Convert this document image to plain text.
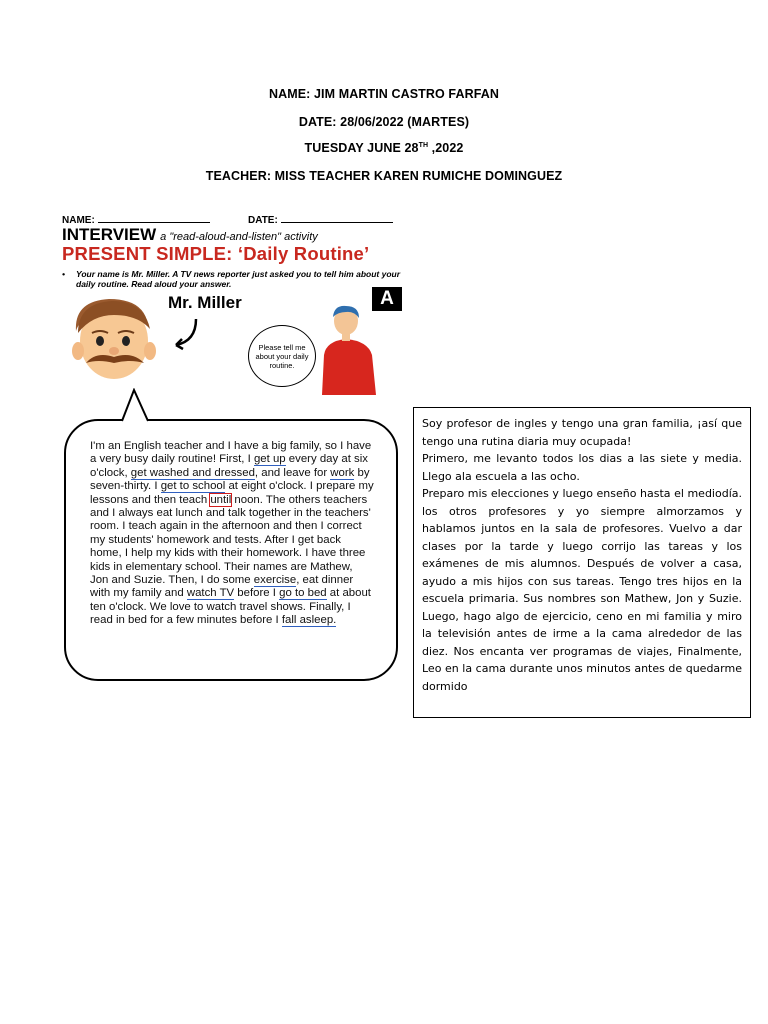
NAME: JIM MARTIN CASTRO FARFAN
DATE: 28/06/2022 (MARTES)
TUESDAY JUNE 28TH ,2022
TEACHER: MISS TEACHER KAREN RUMICHE DOMINGUEZ
NAME:	DATE:
INTERVIEW a "read-aloud-and-listen" activity
PRESENT SIMPLE: ‘Daily Routine’
• Your name is Mr. Miller. A TV news reporter just asked you to tell him about your daily routine. Read aloud your answer.
Mr. Miller	A
Please tell me about your daily routine.
I'm an English teacher and I have a big family, so I have a very busy daily routine! First, I get up every day at six o'clock, get washed and dressed, and leave for work by seven-thirty. I get to school at eight o'clock. I prepare my lessons and then teach until noon. The others teachers and I always eat lunch and talk together in the teachers' room. I teach again in the afternoon and then I correct my students' homework and tests. After I get back home, I help my kids with their homework. I have three kids in elementary school. Their names are Mathew, Jon and Suzie. Then, I do some exercise, eat dinner with my family and watch TV before I go to bed at about ten o'clock. We love to watch travel shows. Finally, I read in bed for a few minutes before I fall asleep.

Soy profesor de ingles y tengo una gran familia, ¡así que tengo una rutina diaria muy ocupada!

Primero, me levanto todos los dias a las siete y media. Llego ala escuela a las ocho.

Preparo mis elecciones y luego enseño hasta el mediodía. los otros profesores y yo siempre almorzamos y hablamos juntos en la sala de profesores. Vuelvo a dar clases por la tarde y luego corrijo las tareas y los exámenes de mis alumnos. Después de volver a casa, ayudo a mis hijos con sus tareas. Tengo tres hijos en la escuela primaria. Sus nombres son Mathew, Jon y Suzie. Luego, hago algo de ejercicio, ceno en mi familia y miro la televisión antes de irme a la cama alrededor de las diez. Nos encanta ver programas de viajes, Finalmente, Leo en la cama durante unos minutos antes de quedarme dormido
